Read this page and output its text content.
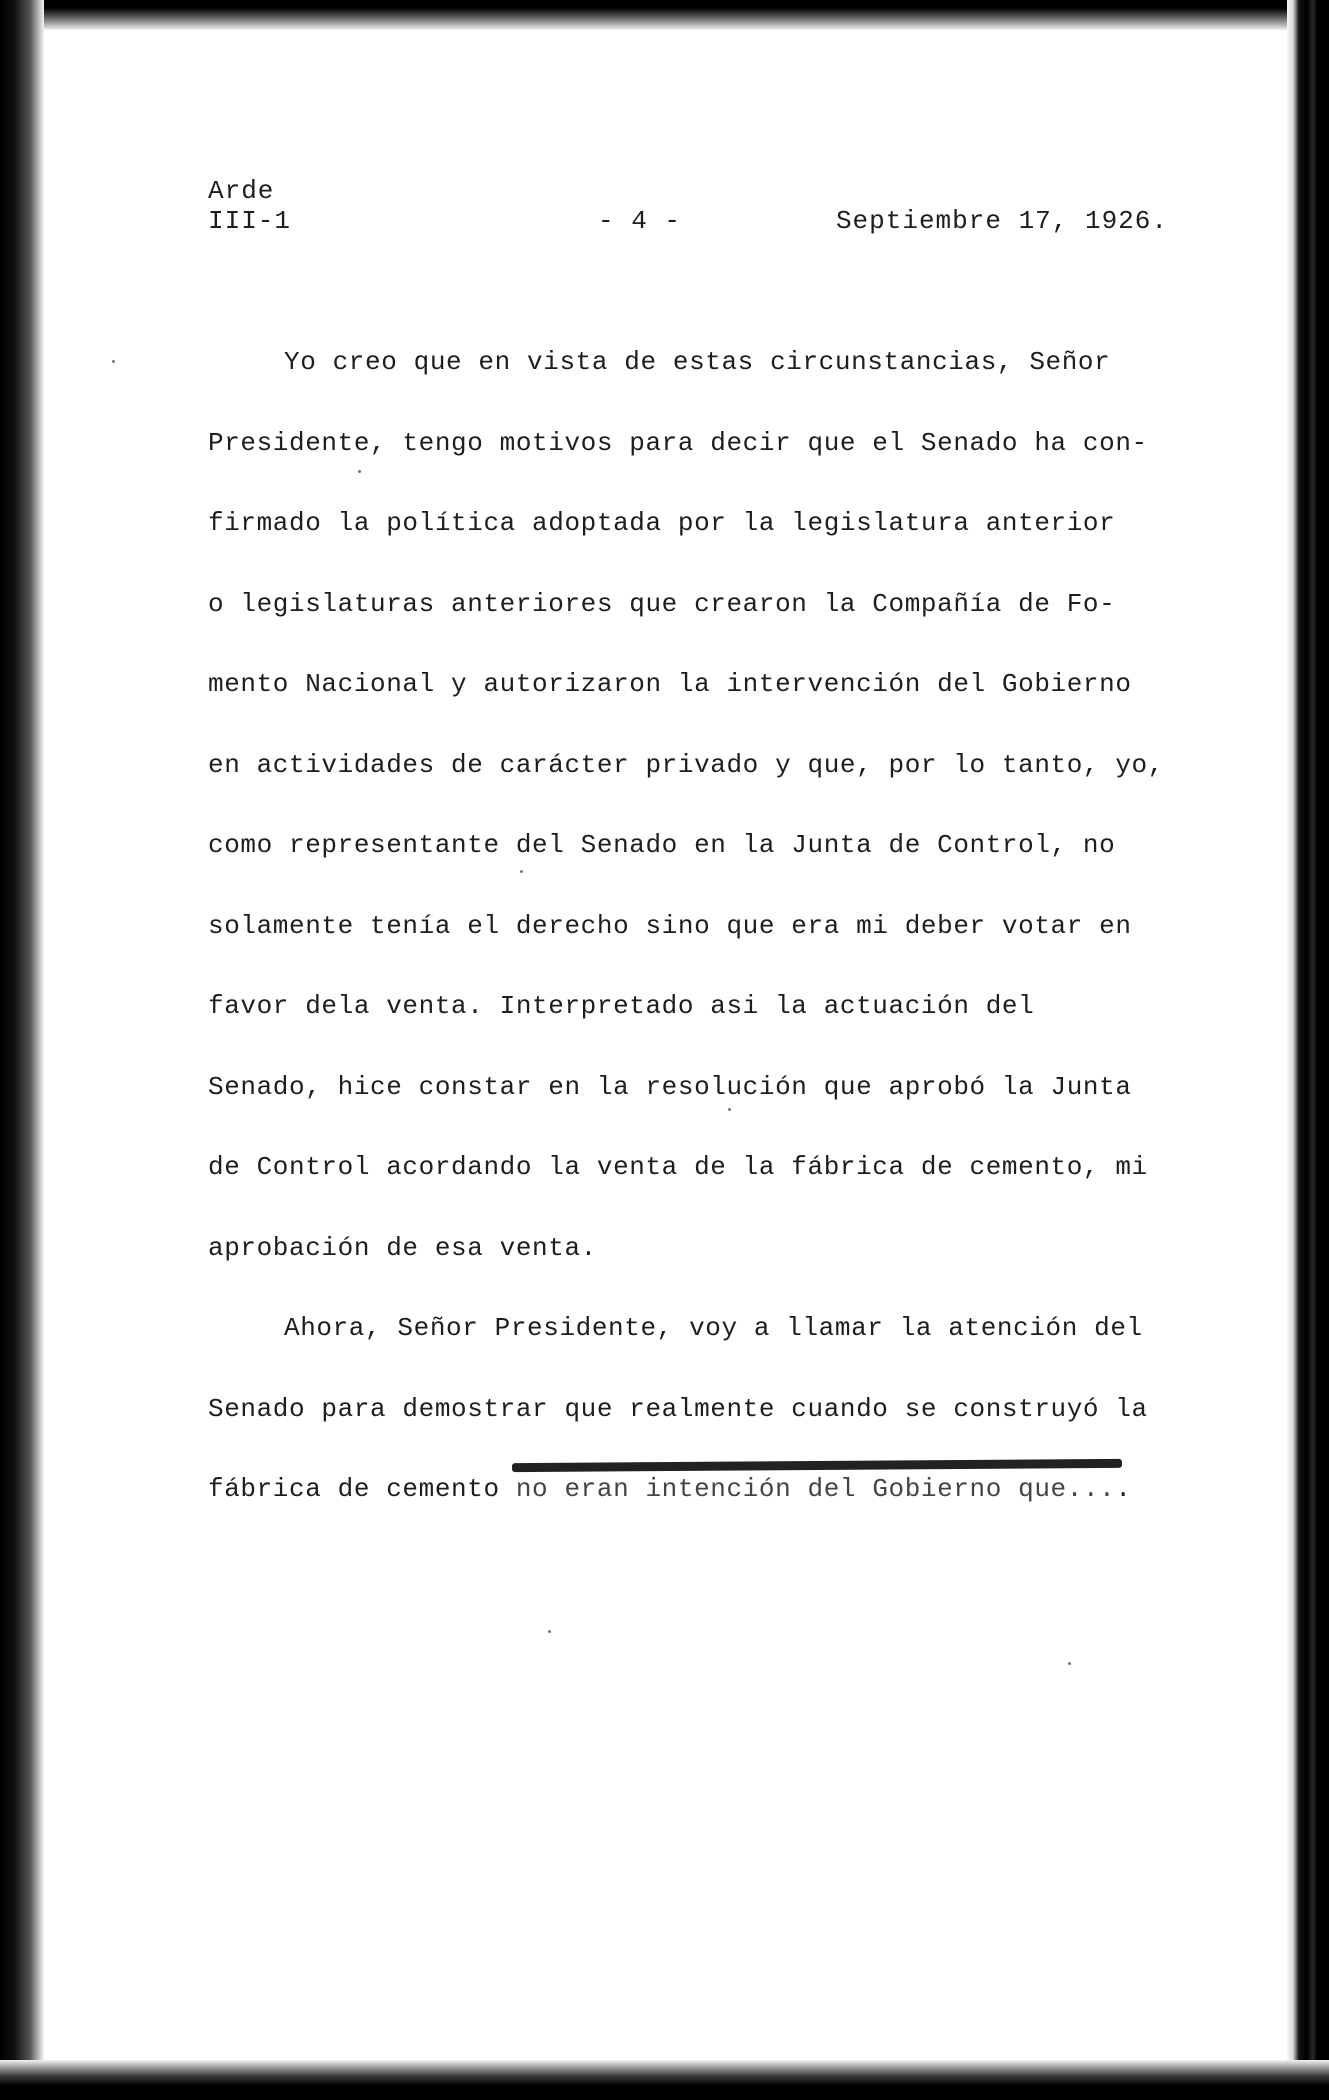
Arde
III-1	- 4 -	Septiembre 17, 1926.
Yo creo que en vista de estas circunstancias, Señor
Presidente, tengo motivos para decir que el Senado ha con-
firmado la política adoptada por la legislatura anterior
o legislaturas anteriores que crearon la Compañía de Fo-
mento Nacional y autorizaron la intervención del Gobierno
en actividades de carácter privado y que, por lo tanto, yo,
como representante del Senado en la Junta de Control, no
solamente tenía el derecho sino que era mi deber votar en
favor dela venta. Interpretado asi la actuación del
Senado, hice constar en la resolución que aprobó la Junta
de Control acordando la venta de la fábrica de cemento, mi
aprobación de esa venta.
Ahora, Señor Presidente, voy a llamar la atención del
Senado para demostrar que realmente cuando se construyó la
fábrica de cemento no eran intención del Gobierno que....
